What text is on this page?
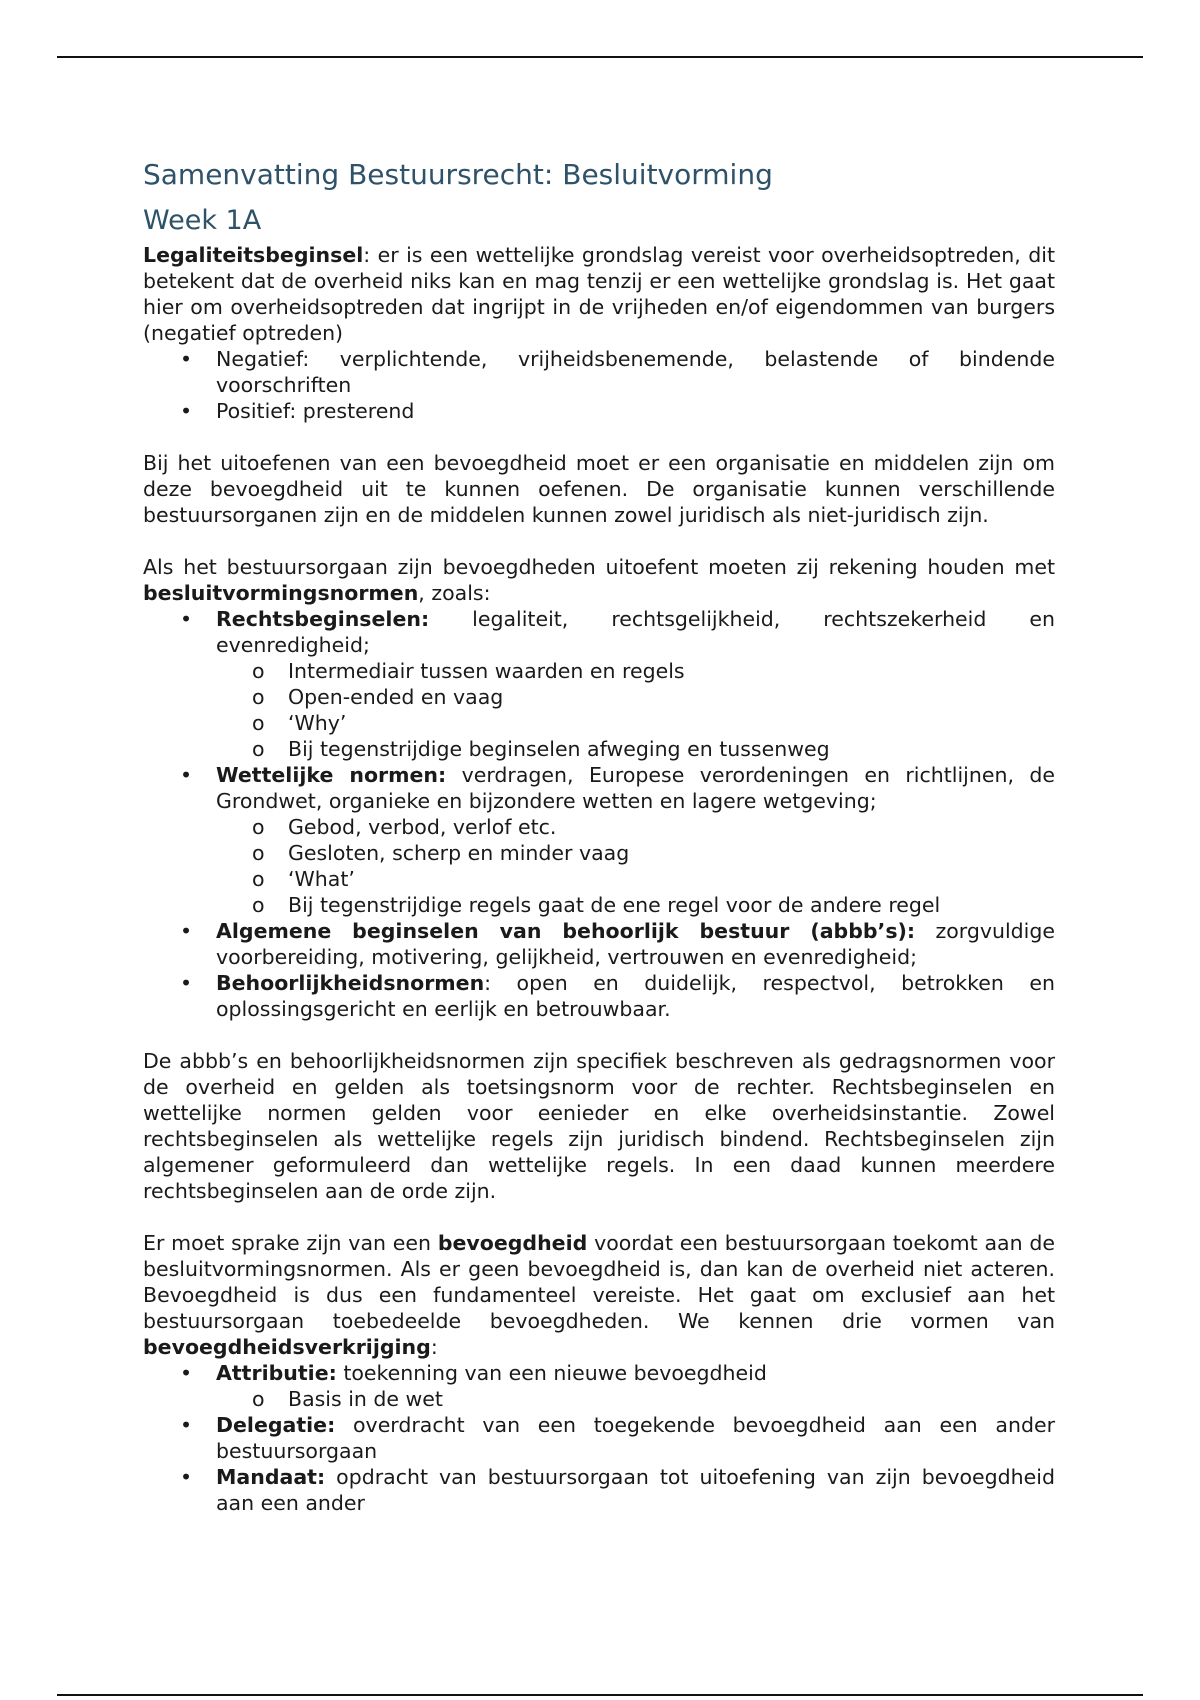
Samenvatting Bestuursrecht: Besluitvorming
Week 1A

Legaliteitsbeginsel: er is een wettelijke grondslag vereist voor overheidsoptreden, dit betekent dat de overheid niks kan en mag tenzij er een wettelijke grondslag is. Het gaat hier om overheidsoptreden dat ingrijpt in de vrijheden en/of eigendommen van burgers (negatief optreden)

• Negatief: verplichtende, vrijheidsbenemende, belastende of bindende voorschriften
• Positief: presterend

Bij het uitoefenen van een bevoegdheid moet er een organisatie en middelen zijn om deze bevoegdheid uit te kunnen oefenen. De organisatie kunnen verschillende bestuursorganen zijn en de middelen kunnen zowel juridisch als niet-juridisch zijn.

Als het bestuursorgaan zijn bevoegdheden uitoefent moeten zij rekening houden met besluitvormingsnormen, zoals:

• Rechtsbeginselen: legaliteit, rechtsgelijkheid, rechtszekerheid en evenredigheid;
o Intermediair tussen waarden en regels
o Open-ended en vaag
o ‘Why’
o Bij tegenstrijdige beginselen afweging en tussenweg
• Wettelijke normen: verdragen, Europese verordeningen en richtlijnen, de Grondwet, organieke en bijzondere wetten en lagere wetgeving;
o Gebod, verbod, verlof etc.
o Gesloten, scherp en minder vaag
o ‘What’
o Bij tegenstrijdige regels gaat de ene regel voor de andere regel
• Algemene beginselen van behoorlijk bestuur (abbb’s): zorgvuldige voorbereiding, motivering, gelijkheid, vertrouwen en evenredigheid;
• Behoorlijkheidsnormen: open en duidelijk, respectvol, betrokken en oplossingsgericht en eerlijk en betrouwbaar.

De abbb’s en behoorlijkheidsnormen zijn specifiek beschreven als gedragsnormen voor de overheid en gelden als toetsingsnorm voor de rechter. Rechtsbeginselen en wettelijke normen gelden voor eenieder en elke overheidsinstantie. Zowel rechtsbeginselen als wettelijke regels zijn juridisch bindend. Rechtsbeginselen zijn algemener geformuleerd dan wettelijke regels. In een daad kunnen meerdere rechtsbeginselen aan de orde zijn.

Er moet sprake zijn van een bevoegdheid voordat een bestuursorgaan toekomt aan de besluitvormingsnormen. Als er geen bevoegdheid is, dan kan de overheid niet acteren. Bevoegdheid is dus een fundamenteel vereiste. Het gaat om exclusief aan het bestuursorgaan toebedeelde bevoegdheden. We kennen drie vormen van bevoegdheidsverkrijging:

• Attributie: toekenning van een nieuwe bevoegdheid
o Basis in de wet
• Delegatie: overdracht van een toegekende bevoegdheid aan een ander bestuursorgaan
• Mandaat: opdracht van bestuursorgaan tot uitoefening van zijn bevoegdheid aan een ander
